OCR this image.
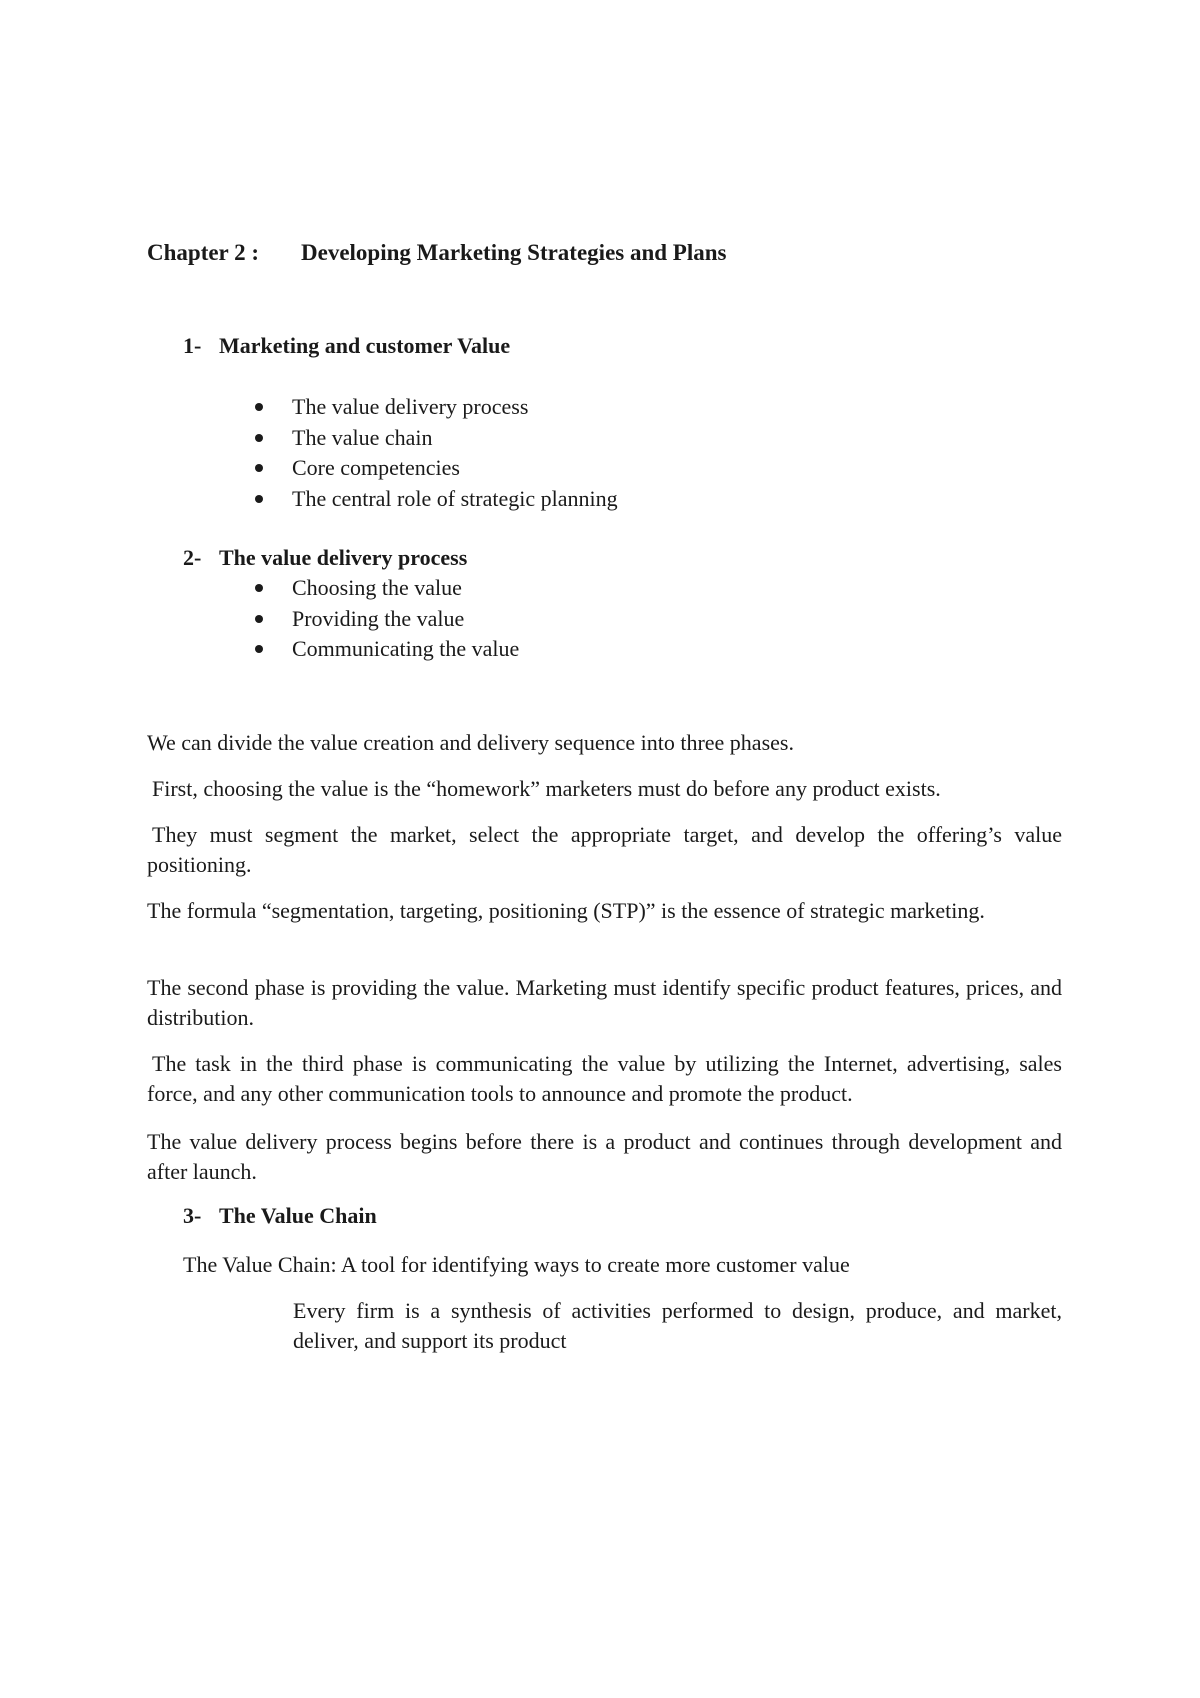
Chapter 2 : Developing Marketing Strategies and Plans
1- Marketing and customer Value
The value delivery process
The value chain
Core competencies
The central role of strategic planning
2- The value delivery process
Choosing the value
Providing the value
Communicating the value

We can divide the value creation and delivery sequence into three phases.

First, choosing the value is the “homework” marketers must do before any product exists.

They must segment the market, select the appropriate target, and develop the offering’s value positioning.

The formula “segmentation, targeting, positioning (STP)” is the essence of strategic marketing.

The second phase is providing the value. Marketing must identify specific product features, prices, and distribution.

The task in the third phase is communicating the value by utilizing the Internet, advertising, sales force, and any other communication tools to announce and promote the product.

The value delivery process begins before there is a product and continues through development and after launch.

3- The Value Chain

The Value Chain: A tool for identifying ways to create more customer value

Every firm is a synthesis of activities performed to design, produce, and market, deliver, and support its product
